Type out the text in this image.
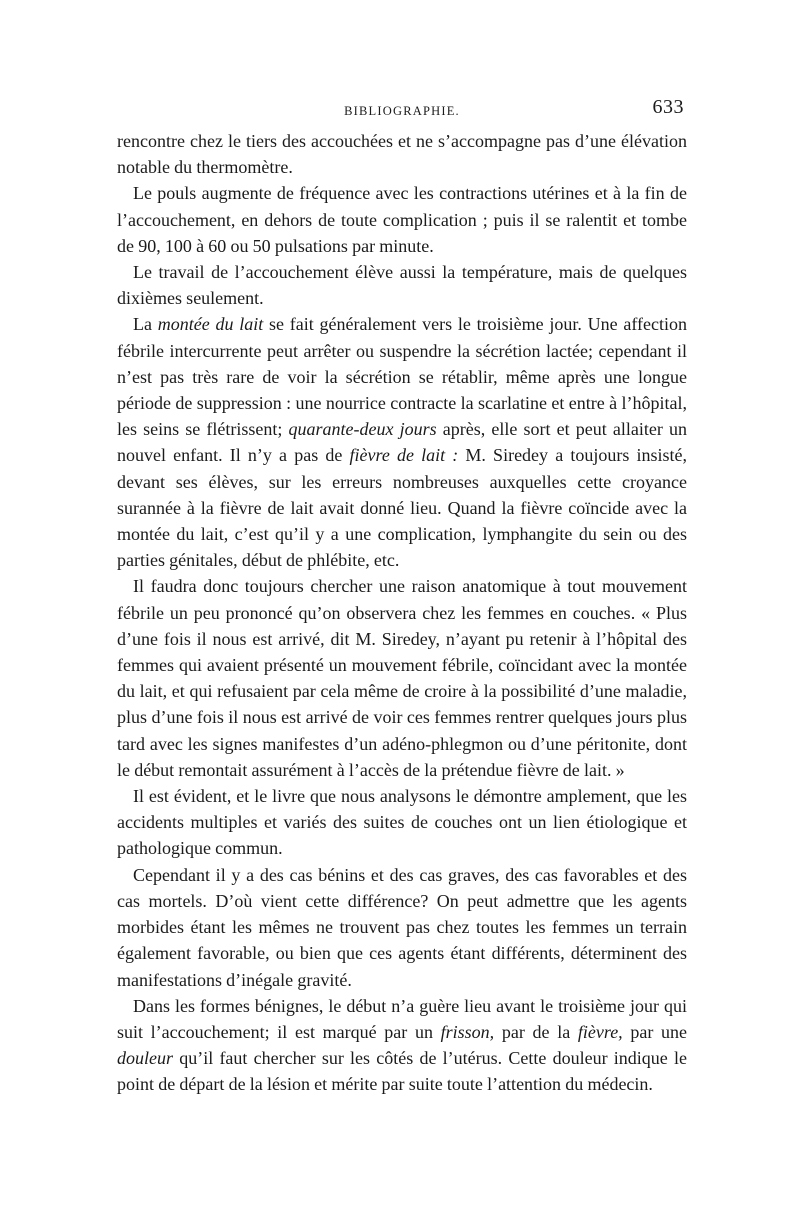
BIBLIOGRAPHIE.	633

rencontre chez le tiers des accouchées et ne s’accompagne pas d’une élévation notable du thermomètre.

Le pouls augmente de fréquence avec les contractions utérines et à la fin de l’accouchement, en dehors de toute complication ; puis il se ralentit et tombe de 90, 100 à 60 ou 50 pulsations par minute.

Le travail de l’accouchement élève aussi la température, mais de quelques dixièmes seulement.

La montée du lait se fait généralement vers le troisième jour. Une affection fébrile intercurrente peut arrêter ou suspendre la sécrétion lactée; cependant il n’est pas très rare de voir la sécrétion se rétablir, même après une longue période de suppression : une nourrice contracte la scarlatine et entre à l’hôpital, les seins se flétrissent; quarante-deux jours après, elle sort et peut allaiter un nouvel enfant. Il n’y a pas de fièvre de lait : M. Siredey a toujours insisté, devant ses élèves, sur les erreurs nombreuses auxquelles cette croyance surannée à la fièvre de lait avait donné lieu. Quand la fièvre coïncide avec la montée du lait, c’est qu’il y a une complication, lymphangite du sein ou des parties génitales, début de phlébite, etc.

Il faudra donc toujours chercher une raison anatomique à tout mouvement fébrile un peu prononcé qu’on observera chez les femmes en couches. « Plus d’une fois il nous est arrivé, dit M. Siredey, n’ayant pu retenir à l’hôpital des femmes qui avaient présenté un mouvement fébrile, coïncidant avec la montée du lait, et qui refusaient par cela même de croire à la possibilité d’une maladie, plus d’une fois il nous est arrivé de voir ces femmes rentrer quelques jours plus tard avec les signes manifestes d’un adéno-phlegmon ou d’une péritonite, dont le début remontait assurément à l’accès de la prétendue fièvre de lait. »

Il est évident, et le livre que nous analysons le démontre amplement, que les accidents multiples et variés des suites de couches ont un lien étiologique et pathologique commun.

Cependant il y a des cas bénins et des cas graves, des cas favorables et des cas mortels. D’où vient cette différence? On peut admettre que les agents morbides étant les mêmes ne trouvent pas chez toutes les femmes un terrain également favorable, ou bien que ces agents étant différents, déterminent des manifestations d’inégale gravité.

Dans les formes bénignes, le début n’a guère lieu avant le troisième jour qui suit l’accouchement; il est marqué par un frisson, par de la fièvre, par une douleur qu’il faut chercher sur les côtés de l’utérus. Cette douleur indique le point de départ de la lésion et mérite par suite toute l’attention du médecin.
